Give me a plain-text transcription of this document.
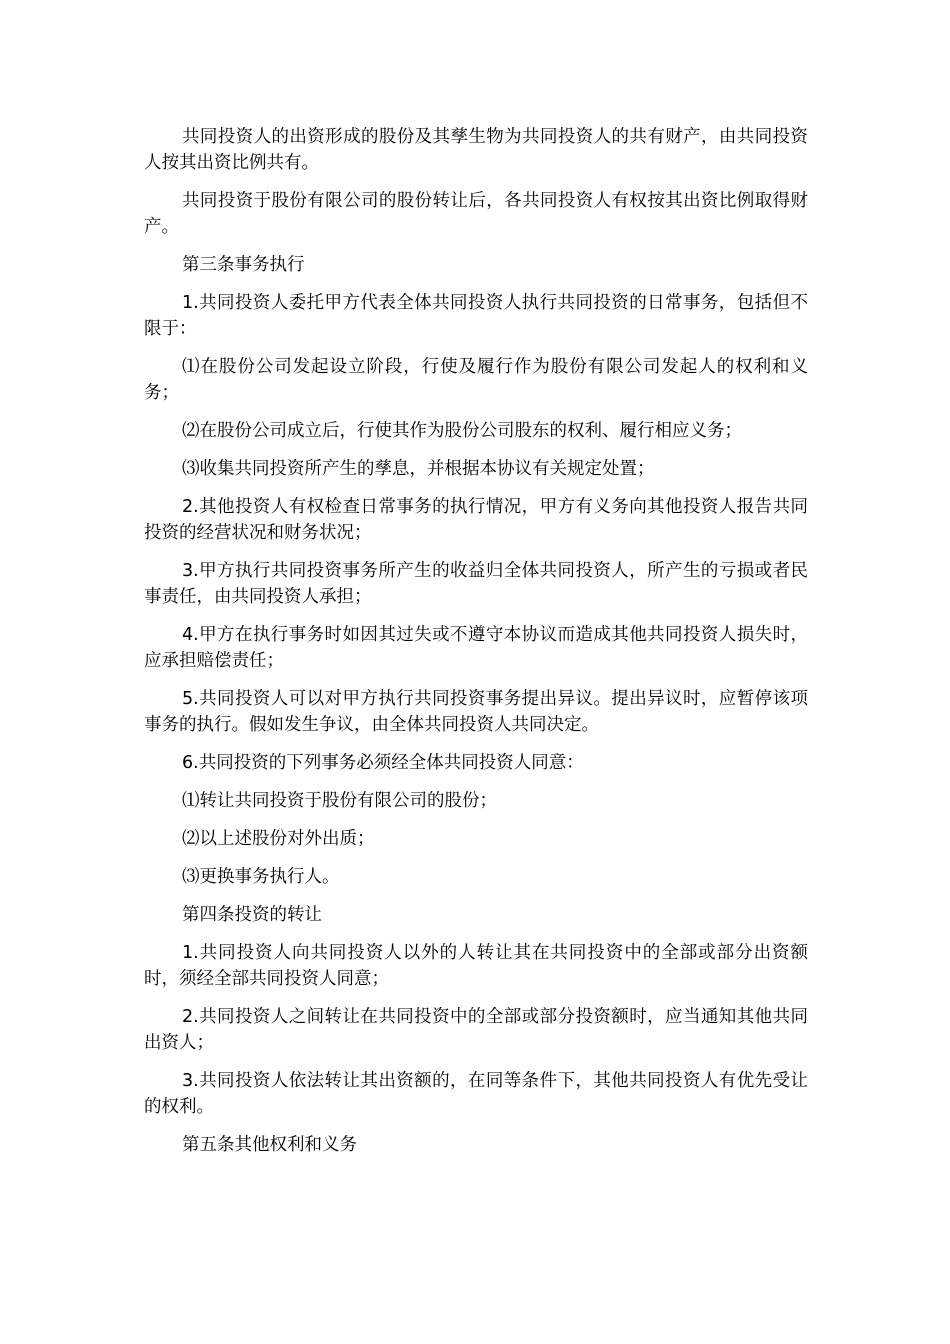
共同投资人的出资形成的股份及其孳生物为共同投资人的共有财产，由共同投资人按其出资比例共有。

共同投资于股份有限公司的股份转让后，各共同投资人有权按其出资比例取得财产。

第三条事务执行

1.共同投资人委托甲方代表全体共同投资人执行共同投资的日常事务，包括但不限于：

⑴在股份公司发起设立阶段，行使及履行作为股份有限公司发起人的权利和义务；

⑵在股份公司成立后，行使其作为股份公司股东的权利、履行相应义务；

⑶收集共同投资所产生的孳息，并根据本协议有关规定处置；

2.其他投资人有权检查日常事务的执行情况，甲方有义务向其他投资人报告共同投资的经营状况和财务状况；

3.甲方执行共同投资事务所产生的收益归全体共同投资人，所产生的亏损或者民事责任，由共同投资人承担；

4.甲方在执行事务时如因其过失或不遵守本协议而造成其他共同投资人损失时，应承担赔偿责任；

5.共同投资人可以对甲方执行共同投资事务提出异议。提出异议时，应暂停该项事务的执行。假如发生争议，由全体共同投资人共同决定。

6.共同投资的下列事务必须经全体共同投资人同意：

⑴转让共同投资于股份有限公司的股份；

⑵以上述股份对外出质；

⑶更换事务执行人。

第四条投资的转让

1.共同投资人向共同投资人以外的人转让其在共同投资中的全部或部分出资额时，须经全部共同投资人同意；

2.共同投资人之间转让在共同投资中的全部或部分投资额时，应当通知其他共同出资人；

3.共同投资人依法转让其出资额的，在同等条件下，其他共同投资人有优先受让的权利。

第五条其他权利和义务
